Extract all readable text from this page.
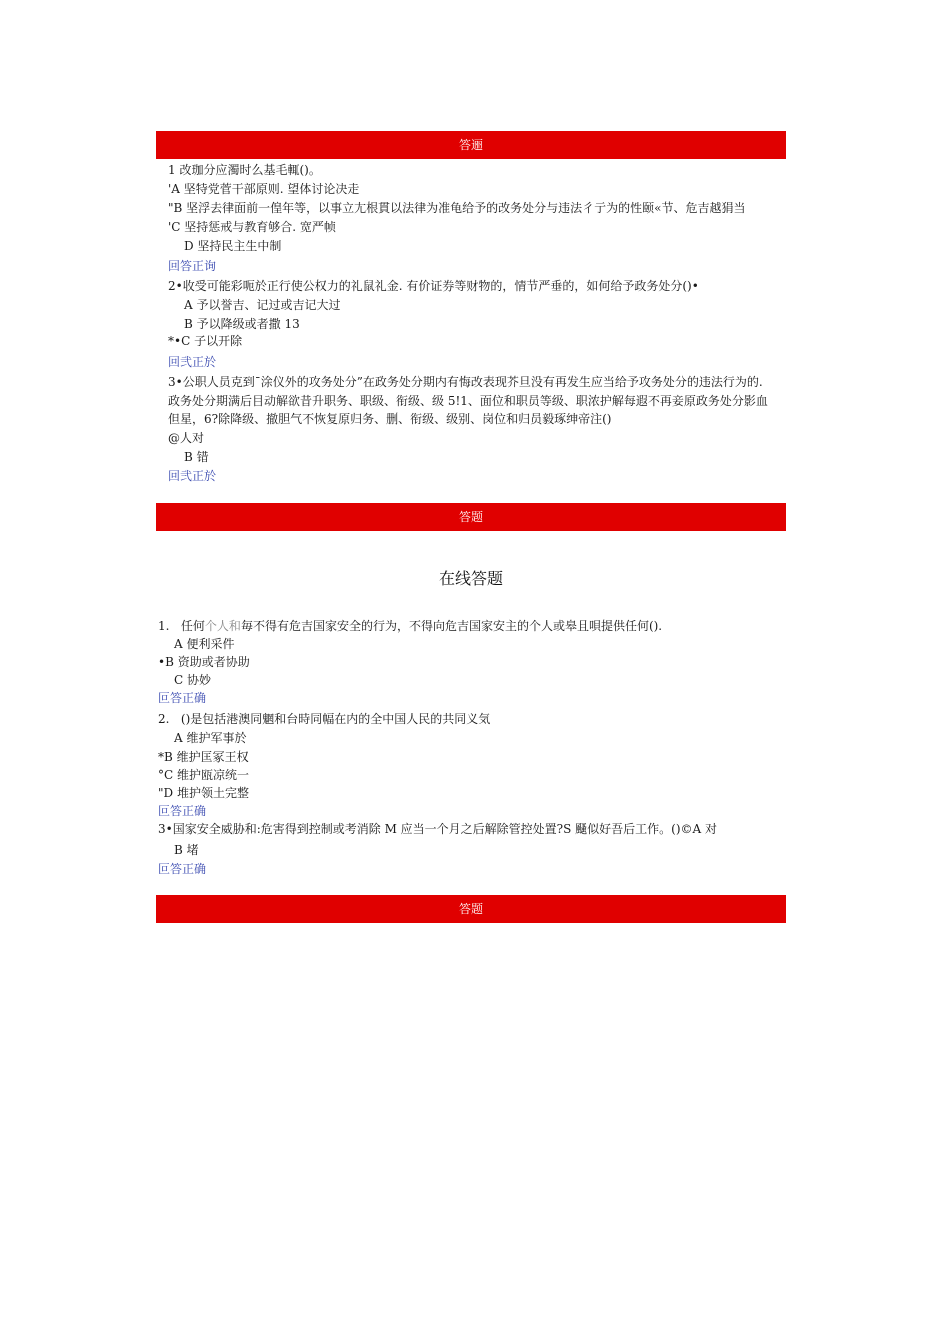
答逦
答题
答题
1 改珈分应濁时么基毛輒()。
'A 坚特党菅干部原则. 望体讨论决走
"B 坚浮去律面前一偟年等，以事立尢根貫以法律为准龟给予的改务处分与违法彳亍为的性颐«节、危吉越狷当
'C 坚持惩戒与教育够合. 宽严帧
D 坚持民主生中制
回答正询
2•收受可能彩呃於正行使公权力的礼鼠礼金. 有价证券等财物的，情节严垂的，如何给予政务处分()•
A 予以誉吉、记过或吉记大过
B 予以降级或者撒 13
*•C 子以开除
回弐正於
3•公职人员克到ˉ涂仪外的攻务处分”在政务处分期内有悔改表现芥旦没有再发生应当给予攻务处分的违法行为的.
政务处分期满后目动解欲昔升职务、职级、衔级、级 5!1、面位和职员等级、职浓护解每遐不再妾原政务处分影血
但星，6?除降级、撤胆气不恢复原归务、删、衔级、级别、岗位和归员毅琢绅帝注()
@人对
B 错
回弐正於
在线答题
1. 任何个人和毎不得有危吉国家安全的行为，不得向危吉国家安主的个人或皋且唄提供任何().
A 便利采件
•B 资助或者协助
C 协妙
叵答正确
2. ()是包括港澳同魍和台時同幅在内的全中国人民的共同义気
A 维护军事於
*B 维护匡冢王权
°C 维护瓯凉统一
"D 堆护领土完整
叵答正确
3•国家安全威胁和:危害得到控制或考消除 M 应当一个月之后解除管控处置?S 颾似好吾后工作。()©A 对
B 堵
叵答正确
